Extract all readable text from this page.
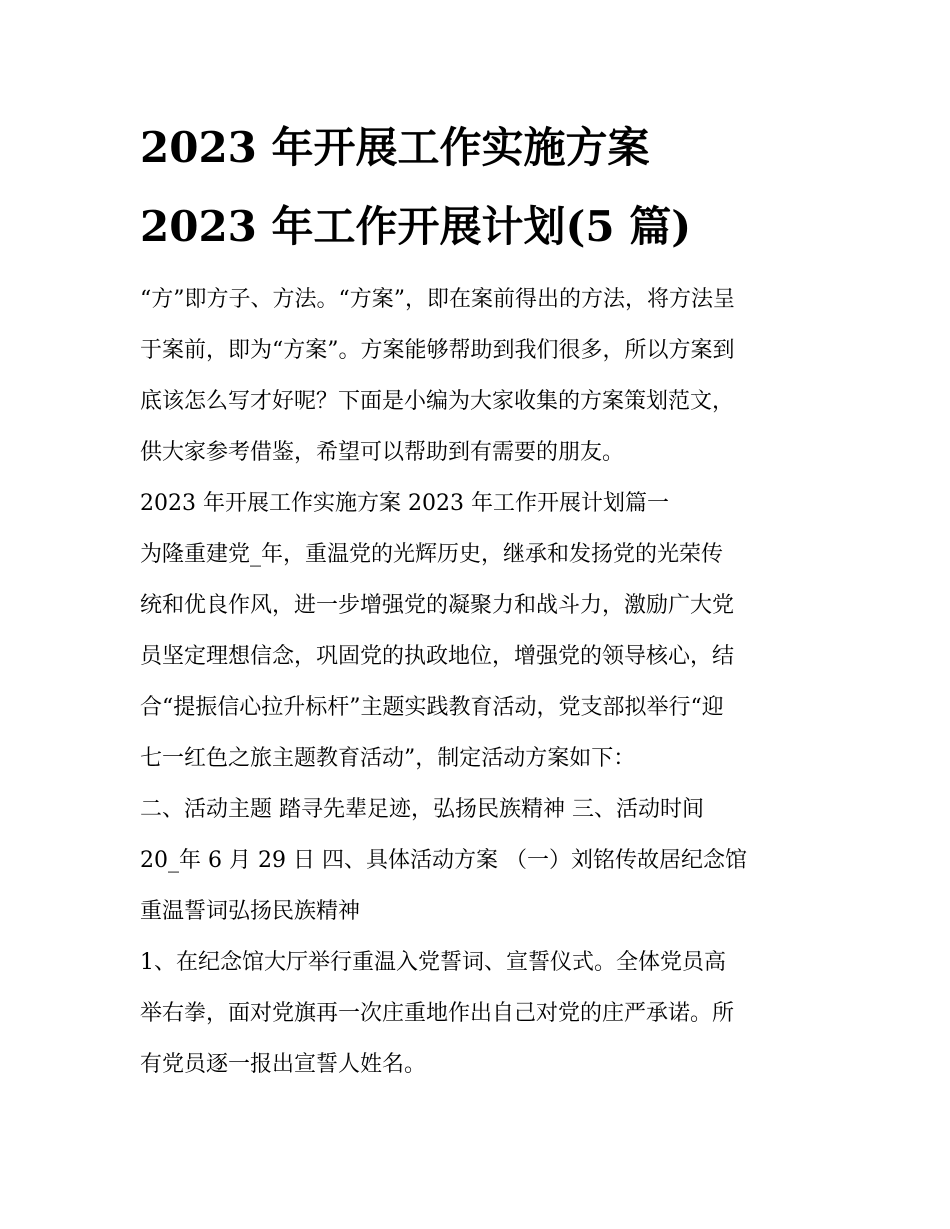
2023 年开展工作实施方案
2023 年工作开展计划(5 篇)

“方”即方子、方法。“方案”，即在案前得出的方法，将方法呈

于案前，即为“方案”。方案能够帮助到我们很多，所以方案到

底该怎么写才好呢？下面是小编为大家收集的方案策划范文，

供大家参考借鉴，希望可以帮助到有需要的朋友。

2023 年开展工作实施方案 2023 年工作开展计划篇一

为隆重建党_年，重温党的光辉历史，继承和发扬党的光荣传

统和优良作风，进一步增强党的凝聚力和战斗力，激励广大党

员坚定理想信念，巩固党的执政地位，增强党的领导核心，结

合“提振信心拉升标杆”主题实践教育活动，党支部拟举行“迎

七一红色之旅主题教育活动”，制定活动方案如下：

二、活动主题 踏寻先辈足迹，弘扬民族精神 三、活动时间

20_年 6 月 29 日 四、具体活动方案 （一）刘铭传故居纪念馆

重温誓词弘扬民族精神

1、在纪念馆大厅举行重温入党誓词、宣誓仪式。全体党员高

举右拳，面对党旗再一次庄重地作出自己对党的庄严承诺。所

有党员逐一报出宣誓人姓名。
